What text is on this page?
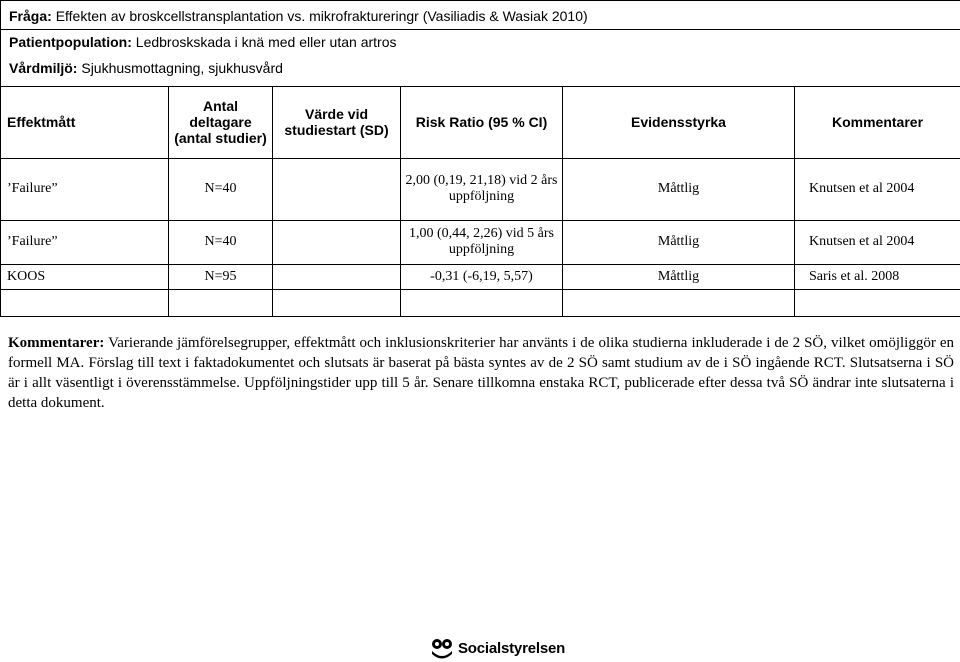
Fråga: Effekten av broskcellstransplantation vs. mikrofraktureringr (Vasiliadis & Wasiak 2010)					
Patientpopulation: Ledbroskskada i knä med eller utan artros					
Vårdmiljö: Sjukhusmottagning, sjukhusvård					
Effektmått	Antal deltagare (antal studier)	Värde vid studiestart (SD)	Risk Ratio (95 % CI)	Evidensstyrka	Kommentarer
’Failure”	N=40		2,00 (0,19, 21,18) vid 2 års uppföljning	Måttlig	Knutsen et al 2004
’Failure”	N=40		1,00 (0,44, 2,26) vid 5 års uppföljning	Måttlig	Knutsen et al 2004
KOOS	N=95		-0,31 (-6,19, 5,57)	Måttlig	Saris et al. 2008

Kommentarer: Varierande jämförelsegrupper, effektmått och inklusionskriterier har använts i de olika studierna inkluderade i de 2 SÖ, vilket omöjliggör en formell MA. Förslag till text i faktadokumentet och slutsats är baserat på bästa syntes av de 2 SÖ samt studium av de i SÖ ingående RCT. Slutsatserna i SÖ är i allt väsentligt i överensstämmelse. Uppföljningstider upp till 5 år. Senare tillkomna enstaka RCT, publicerade efter dessa två SÖ ändrar inte slutsaterna i detta dokument.
Socialstyrelsen
